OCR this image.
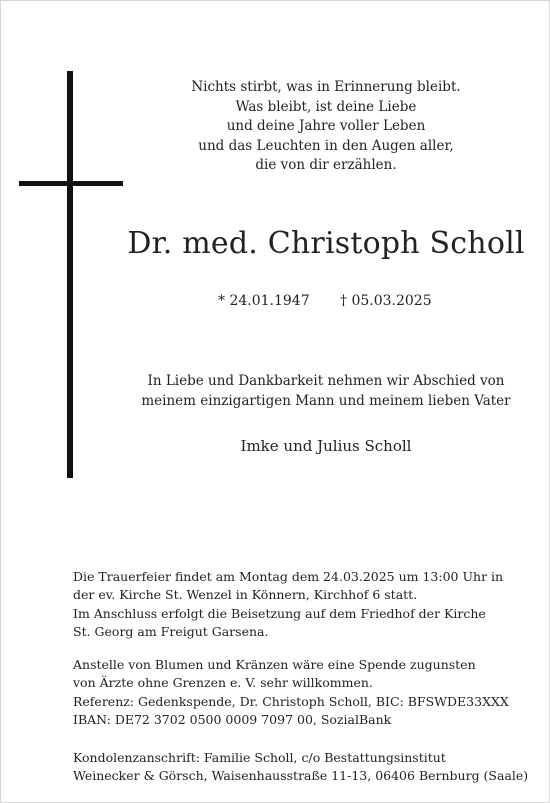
Nichts stirbt, was in Erinnerung bleibt.
Was bleibt, ist deine Liebe
und deine Jahre voller Leben
und das Leuchten in den Augen aller,
die von dir erzählen.
Dr. med. Christoph Scholl
* 24.01.1947 † 05.03.2025
In Liebe und Dankbarkeit nehmen wir Abschied von
meinem einzigartigen Mann und meinem lieben Vater
Imke und Julius Scholl
Die Trauerfeier findet am Montag dem 24.03.2025 um 13:00 Uhr in
der ev. Kirche St. Wenzel in Könnern, Kirchhof 6 statt.
Im Anschluss erfolgt die Beisetzung auf dem Friedhof der Kirche
St. Georg am Freigut Garsena.
Anstelle von Blumen und Kränzen wäre eine Spende zugunsten
von Ärzte ohne Grenzen e. V. sehr willkommen.
Referenz: Gedenkspende, Dr. Christoph Scholl, BIC: BFSWDE33XXX
IBAN: DE72 3702 0500 0009 7097 00, SozialBank
Kondolenzanschrift: Familie Scholl, c/o Bestattungsinstitut
Weinecker & Görsch, Waisenhausstraße 11-13, 06406 Bernburg (Saale)
